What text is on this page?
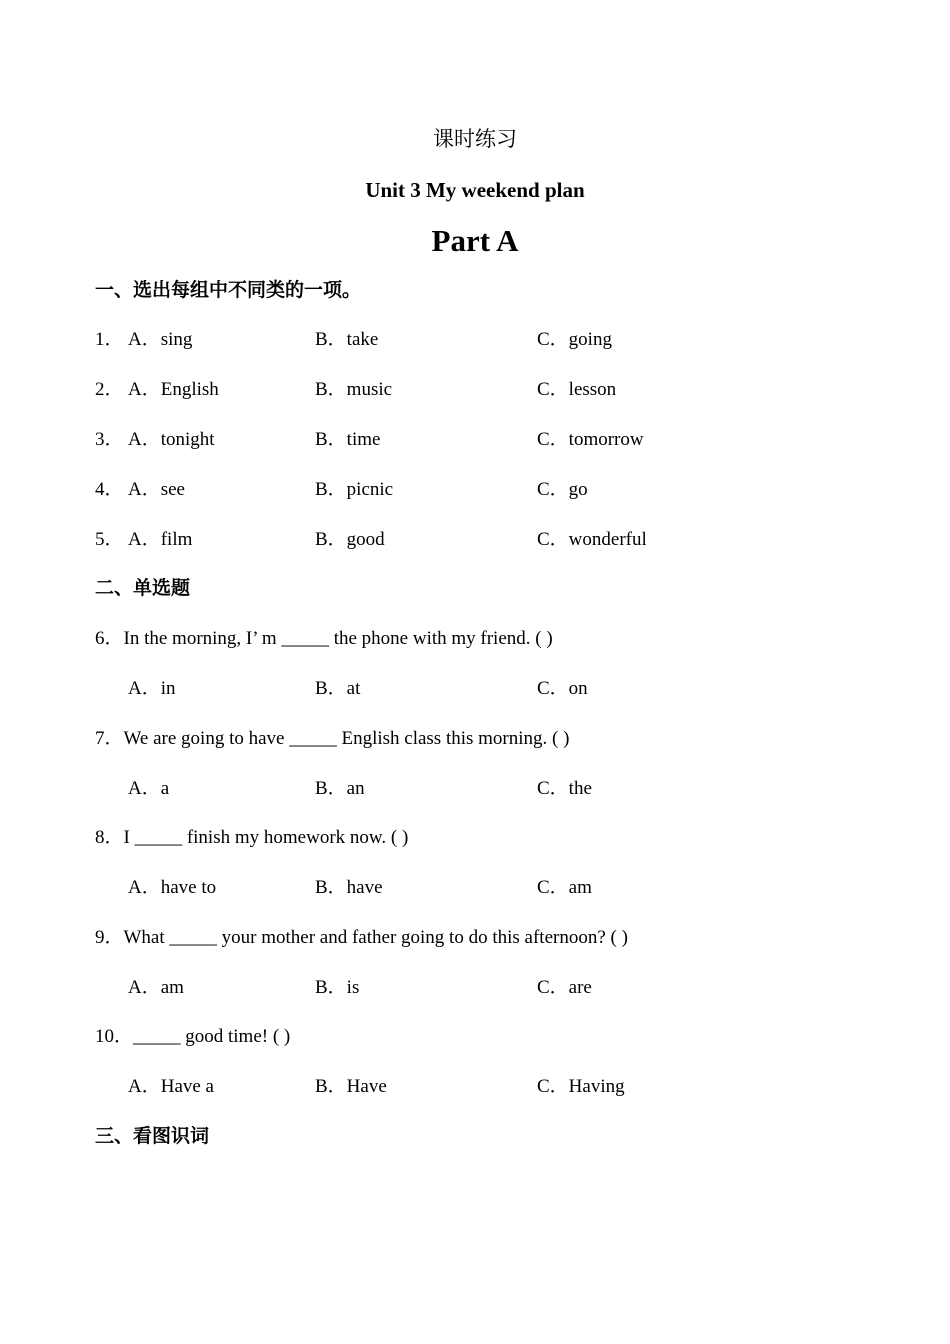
课时练习
Unit 3 My weekend plan
Part A
一、选出每组中不同类的一项。
1． A．sing	B．take	C．going
2． A．English	B．music	C．lesson
3． A．tonight	B．time	C．tomorrow
4． A．see	B．picnic	C．go
5． A．film	B．good	C．wonderful
二、单选题
6．In the morning, I’ m _____ the phone with my friend. ( )
A．in	B．at	C．on
7．We are going to have _____ English class this morning. ( )
A．a	B．an	C．the
8．I _____ finish my homework now. ( )
A．have to	B．have	C．am
9．What _____ your mother and father going to do this afternoon? ( )
A．am	B．is	C．are
10．_____ good time! ( )
A．Have a	B．Have	C．Having
三、看图识词
